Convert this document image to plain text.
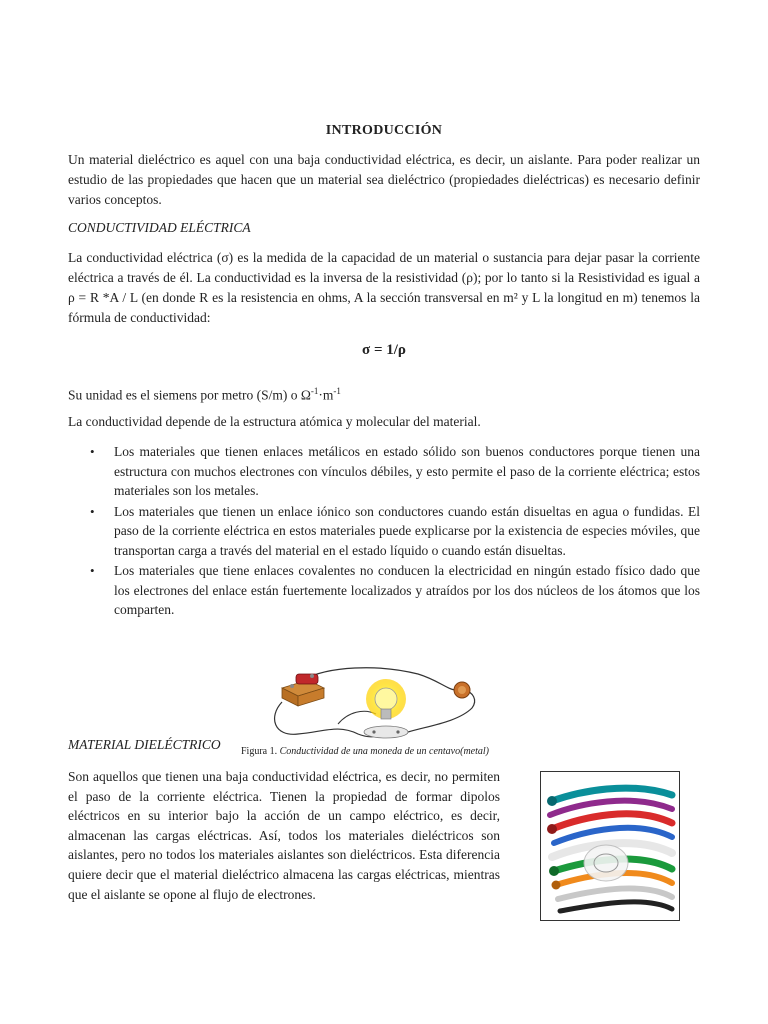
INTRODUCCIÓN
Un material dieléctrico es aquel con una baja conductividad eléctrica, es decir, un aislante. Para poder realizar un estudio de las propiedades que hacen que un material sea dieléctrico (propiedades dieléctricas) es necesario definir varios conceptos.
CONDUCTIVIDAD ELÉCTRICA
La conductividad eléctrica (σ) es la medida de la capacidad de un material o sustancia para dejar pasar la corriente eléctrica a través de él. La conductividad es la inversa de la resistividad (ρ); por lo tanto si la Resistividad es igual a ρ = R *A / L (en donde R es la resistencia en ohms, A la sección transversal en m² y L la longitud en m) tenemos la fórmula de conductividad:
σ = 1/ρ
Su unidad es el siemens por metro (S/m) o $\Omega^{-1}\cdot m^{-1}$
La conductividad depende de la estructura atómica y molecular del material.
• Los materiales que tienen enlaces metálicos en estado sólido son buenos conductores porque tienen una estructura con muchos electrones con vínculos débiles, y esto permite el paso de la corriente eléctrica; estos materiales son los metales.
• Los materiales que tienen un enlace iónico son conductores cuando están disueltas en agua o fundidas. El paso de la corriente eléctrica en estos materiales puede explicarse por la existencia de especies móviles, que transportan carga a través del material en el estado líquido o cuando están disueltas.
• Los materiales que tiene enlaces covalentes no conducen la electricidad en ningún estado físico dado que los electrones del enlace están fuertemente localizados y atraídos por los dos núcleos de los átomos que los comparten.
Figura 1. Conductividad de una moneda de un centavo(metal)
MATERIAL DIELÉCTRICO
Son aquellos que tienen una baja conductividad eléctrica, es decir, no permiten el paso de la corriente eléctrica. Tienen la propiedad de formar dipolos eléctricos en su interior bajo la acción de un campo eléctrico, es decir, almacenan las cargas eléctricas. Así, todos los materiales dieléctricos son aislantes, pero no todos los materiales aislantes son dieléctricos. Esta diferencia quiere decir que el material dieléctrico almacena las cargas eléctricas, mientras que el aislante se opone al flujo de electrones.
